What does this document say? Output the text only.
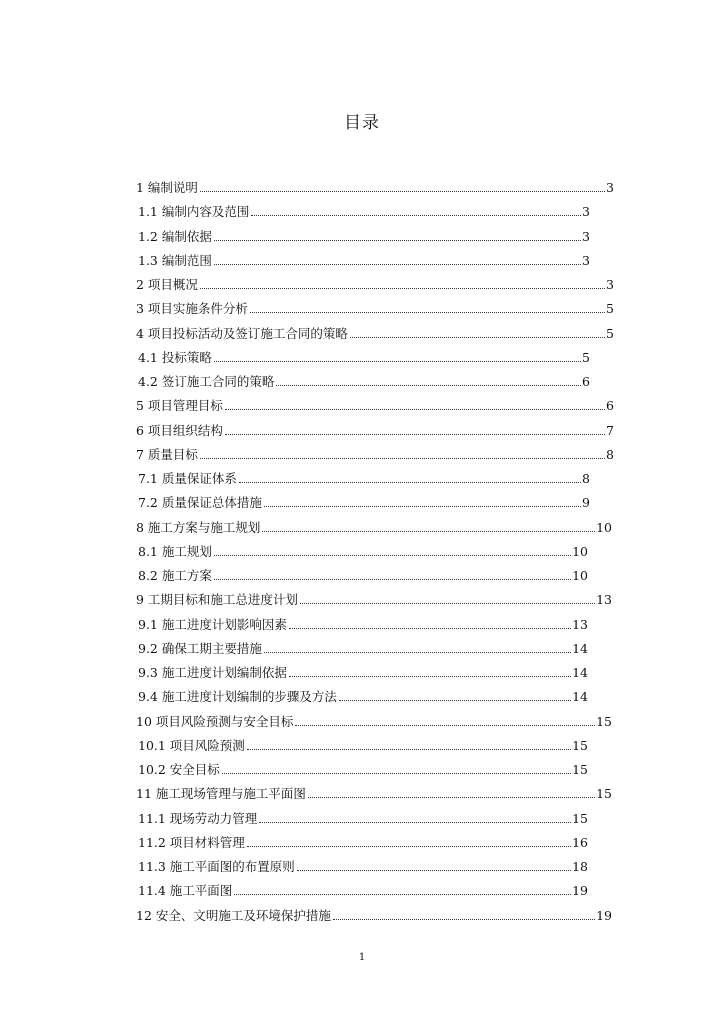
目录
1 编制说明	3
1.1 编制内容及范围	3
1.2 编制依据	3
1.3 编制范围	3
2 项目概况	3
3 项目实施条件分析	5
4 项目投标活动及签订施工合同的策略	5
4.1 投标策略	5
4.2 签订施工合同的策略	6
5 项目管理目标	6
6 项目组织结构	7
7 质量目标	8
7.1 质量保证体系	8
7.2 质量保证总体措施	9
8 施工方案与施工规划	10
8.1 施工规划	10
8.2 施工方案	10
9 工期目标和施工总进度计划	13
9.1 施工进度计划影响因素	13
9.2 确保工期主要措施	14
9.3 施工进度计划编制依据	14
9.4 施工进度计划编制的步骤及方法	14
10 项目风险预测与安全目标	15
10.1 项目风险预测	15
10.2 安全目标	15
11 施工现场管理与施工平面图	15
11.1 现场劳动力管理	15
11.2 项目材料管理	16
11.3 施工平面图的布置原则	18
11.4 施工平面图	19
12 安全、文明施工及环境保护措施	19
1
